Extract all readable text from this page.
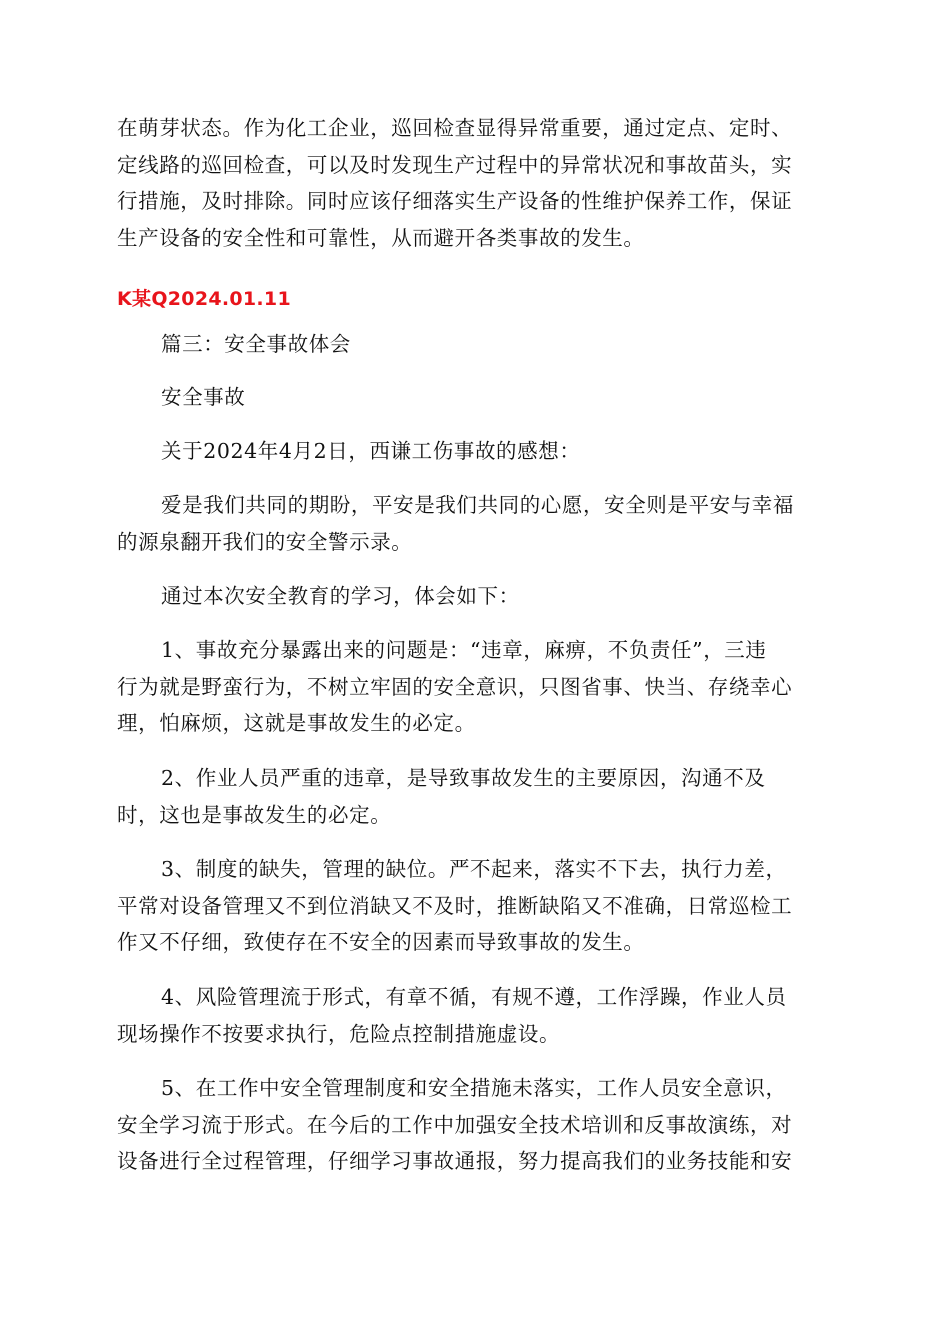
在萌芽状态。作为化工企业，巡回检查显得异常重要，通过定点、定时、
定线路的巡回检查，可以及时发现生产过程中的异常状况和事故苗头，实
行措施，及时排除。同时应该仔细落实生产设备的性维护保养工作，保证
生产设备的安全性和可靠性，从而避开各类事故的发生。

K某Q2024.01.11

篇三：安全事故体会

安全事故

关于2024年4月2日，西谦工伤事故的感想：

爱是我们共同的期盼，平安是我们共同的心愿，安全则是平安与幸福
的源泉翻开我们的安全警示录。

通过本次安全教育的学习，体会如下：

1、事故充分暴露出来的问题是：“违章，麻痹，不负责任”，三违
行为就是野蛮行为，不树立牢固的安全意识，只图省事、快当、存绕幸心
理，怕麻烦，这就是事故发生的必定。

2、作业人员严重的违章，是导致事故发生的主要原因，沟通不及
时，这也是事故发生的必定。

3、制度的缺失，管理的缺位。严不起来，落实不下去，执行力差，
平常对设备管理又不到位消缺又不及时，推断缺陷又不准确，日常巡检工
作又不仔细，致使存在不安全的因素而导致事故的发生。

4、风险管理流于形式，有章不循，有规不遵，工作浮躁，作业人员
现场操作不按要求执行，危险点控制措施虚设。

5、在工作中安全管理制度和安全措施未落实，工作人员安全意识，
安全学习流于形式。在今后的工作中加强安全技术培训和反事故演练，对
设备进行全过程管理，仔细学习事故通报，努力提高我们的业务技能和安
